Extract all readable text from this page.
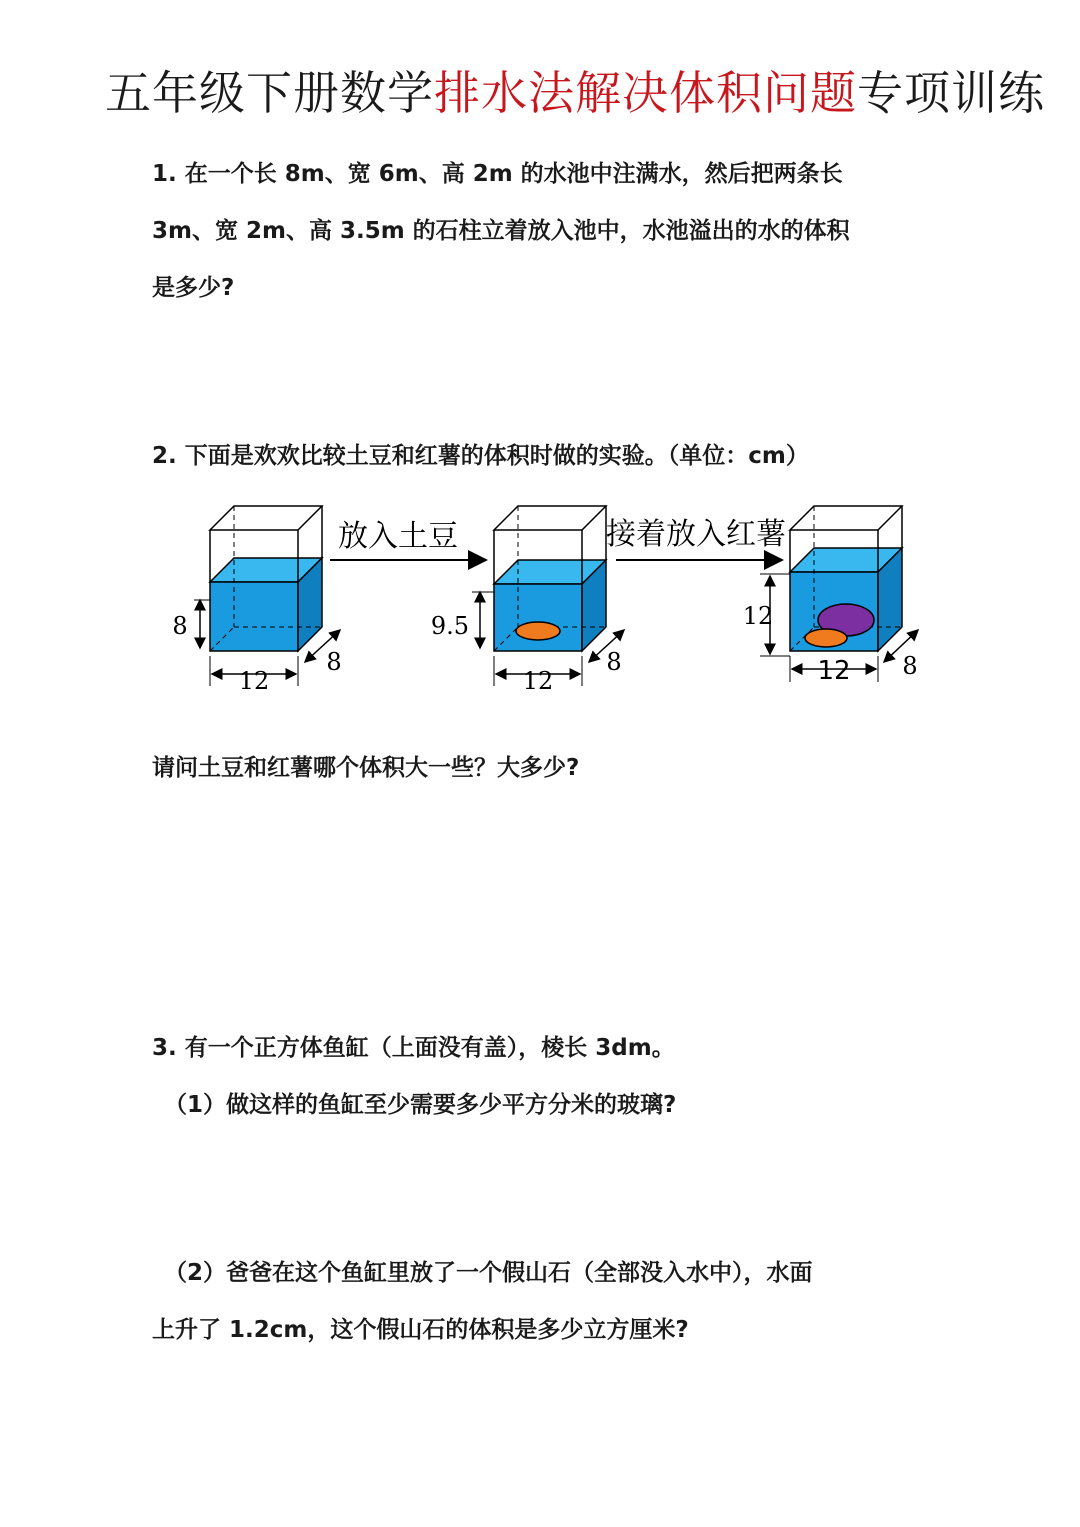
五年级下册数学排水法解决体积问题专项训练

1. 在一个长 8m、宽 6m、高 2m 的水池中注满水，然后把两条长

3m、宽 2m、高 3.5m 的石柱立着放入池中，水池溢出的水的体积

是多少?

2. 下面是欢欢比较土豆和红薯的体积时做的实验。（单位：cm）

8
12
8
放入土豆
9.5
12
8
接着放入红薯
12
12 8

请问土豆和红薯哪个体积大一些？大多少?

3. 有一个正方体鱼缸（上面没有盖），棱长 3dm。

（1）做这样的鱼缸至少需要多少平方分米的玻璃?

（2）爸爸在这个鱼缸里放了一个假山石（全部没入水中），水面

上升了 1.2cm，这个假山石的体积是多少立方厘米?
